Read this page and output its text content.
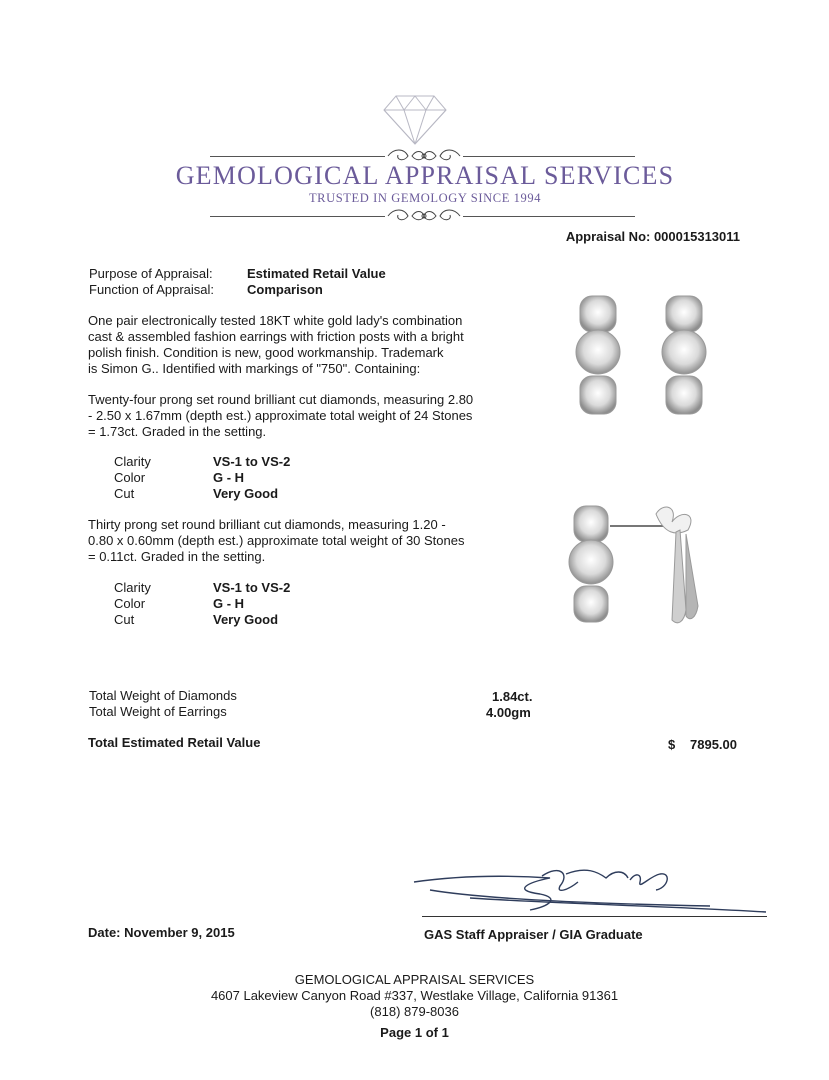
GEMOLOGICAL APPRAISAL SERVICES
TRUSTED IN GEMOLOGY SINCE 1994
Appraisal No: 000015313011
Purpose of Appraisal:	Estimated Retail Value
Function of Appraisal:	Comparison
One pair electronically tested 18KT white gold lady's combination
cast & assembled fashion earrings with friction posts with a bright
polish finish. Condition is new, good workmanship. Trademark
is Simon G.. Identified with markings of "750". Containing:
Twenty-four prong set round brilliant cut diamonds, measuring 2.80
- 2.50 x 1.67mm (depth est.) approximate total weight of 24 Stones
= 1.73ct. Graded in the setting.
Clarity	VS-1 to VS-2
Color	G - H
Cut	Very Good
Thirty prong set round brilliant cut diamonds, measuring 1.20 -
0.80 x 0.60mm (depth est.) approximate total weight of 30 Stones
= 0.11ct. Graded in the setting.
Clarity	VS-1 to VS-2
Color	G - H
Cut	Very Good
Total Weight of Diamonds	1.84ct.
Total Weight of Earrings	4.00gm
Total Estimated Retail Value	$ 7895.00
Date: November 9, 2015	GAS Staff Appraiser / GIA Graduate
GEMOLOGICAL APPRAISAL SERVICES
4607 Lakeview Canyon Road #337, Westlake Village, California 91361
(818) 879-8036
Page 1 of 1
